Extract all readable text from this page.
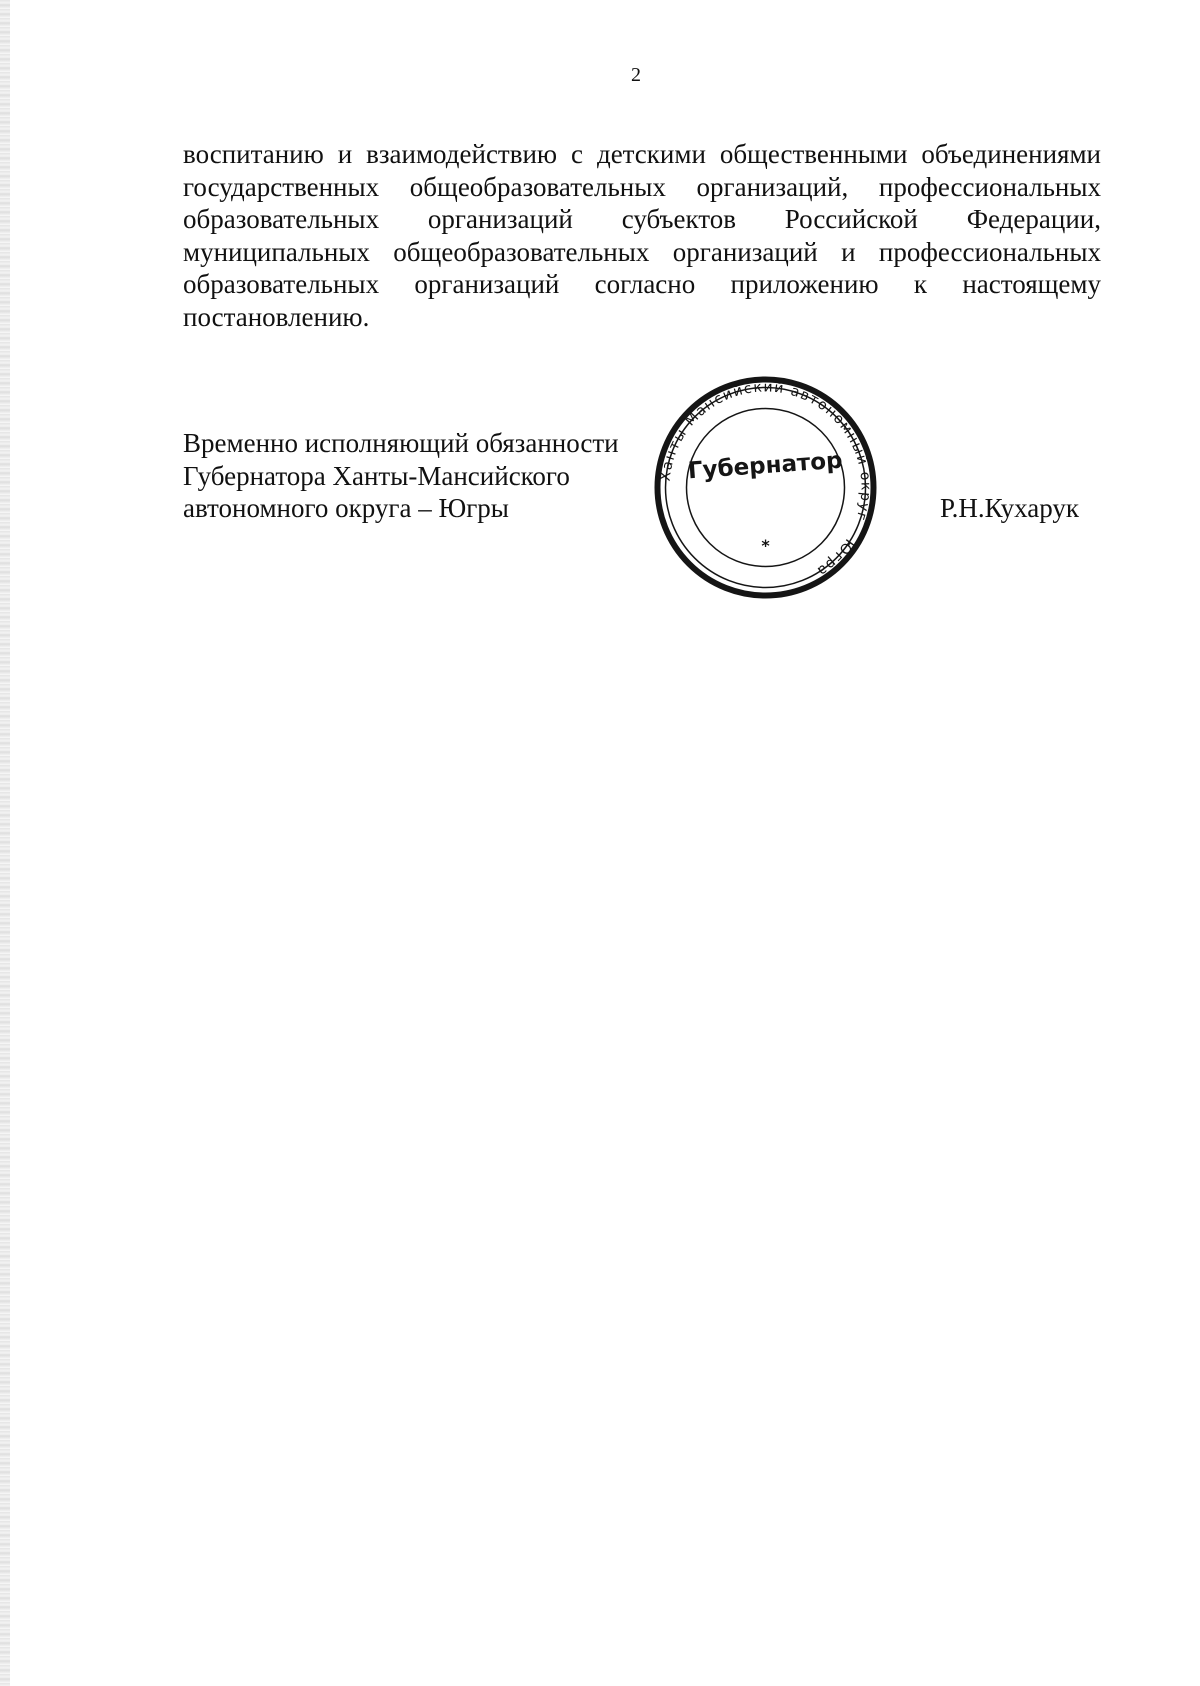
2
воспитанию и взаимодействию с детскими общественными объединениями государственных общеобразовательных организаций, профессиональных образовательных организаций субъектов Российской Федерации, муниципальных общеобразовательных организаций и профессиональных образовательных организаций согласно приложению к настоящему постановлению.
Временно исполняющий обязанности
Губернатора Ханты-Мансийского
автономного округа – Югры
Ханты-Мансийский автономный округ – Югра
Губернатор
*
Р.Н.Кухарук
